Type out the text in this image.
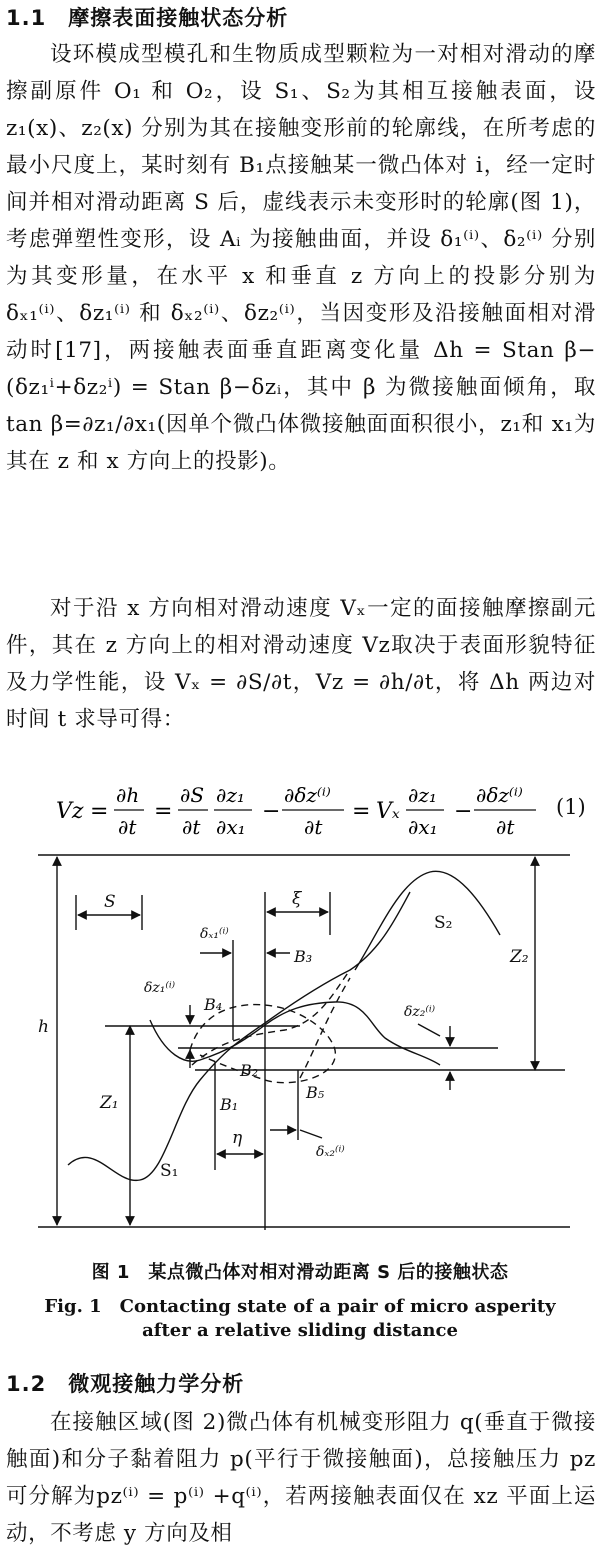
1.1 摩擦表面接触状态分析

设环模成型模孔和生物质成型颗粒为一对相对滑动的摩擦副原件 O₁ 和 O₂，设 S₁、S₂为其相互接触表面，设 z₁(x)、z₂(x) 分别为其在接触变形前的轮廓线，在所考虑的最小尺度上，某时刻有 B₁点接触某一微凸体对 i，经一定时间并相对滑动距离 S 后，虚线表示未变形时的轮廓(图 1)，考虑弹塑性变形，设 Aᵢ 为接触曲面，并设 δ₁⁽ⁱ⁾、δ₂⁽ⁱ⁾ 分别为其变形量，在水平 x 和垂直 z 方向上的投影分别为 δₓ₁⁽ⁱ⁾、δz₁⁽ⁱ⁾ 和 δₓ₂⁽ⁱ⁾、δz₂⁽ⁱ⁾，当因变形及沿接触面相对滑动时[17]，两接触表面垂直距离变化量 Δh = Stan β−(δz₁ⁱ+δz₂ⁱ) = Stan β−δzᵢ，其中 β 为微接触面倾角，取 tan β=∂z₁/∂x₁(因单个微凸体微接触面面积很小，z₁和 x₁为其在 z 和 x 方向上的投影)。

对于沿 x 方向相对滑动速度 Vₓ一定的面接触摩擦副元件，其在 z 方向上的相对滑动速度 Vz取决于表面形貌特征及力学性能，设 Vₓ = ∂S/∂t，Vz = ∂h/∂t，将 Δh 两边对时间 t 求导可得：

Vz =
∂h
∂t
=
∂S
∂t
∂z₁
∂x₁
−
∂δz⁽ⁱ⁾
∂t
= Vₓ
∂z₁
∂x₁
−
∂δz⁽ⁱ⁾
∂t
(1)
h
Z₁
Z₂
S	ξ
δₓ₁⁽ⁱ⁾
δz₁⁽ⁱ⁾
δz₂⁽ⁱ⁾
η
δₓ₂⁽ⁱ⁾
S₁
S₂
B₄
B₃
B₂
B₁
B₅
图 1　某点微凸体对相对滑动距离 S 后的接触状态
Fig. 1　Contacting state of a pair of micro asperity
after a relative sliding distance
1.2 微观接触力学分析

在接触区域(图 2)微凸体有机械变形阻力 q(垂直于微接触面)和分子黏着阻力 p(平行于微接触面)，总接触压力 pz可分解为pz⁽ⁱ⁾ = p⁽ⁱ⁾ +q⁽ⁱ⁾，若两接触表面仅在 xz 平面上运动，不考虑 y 方向及相
